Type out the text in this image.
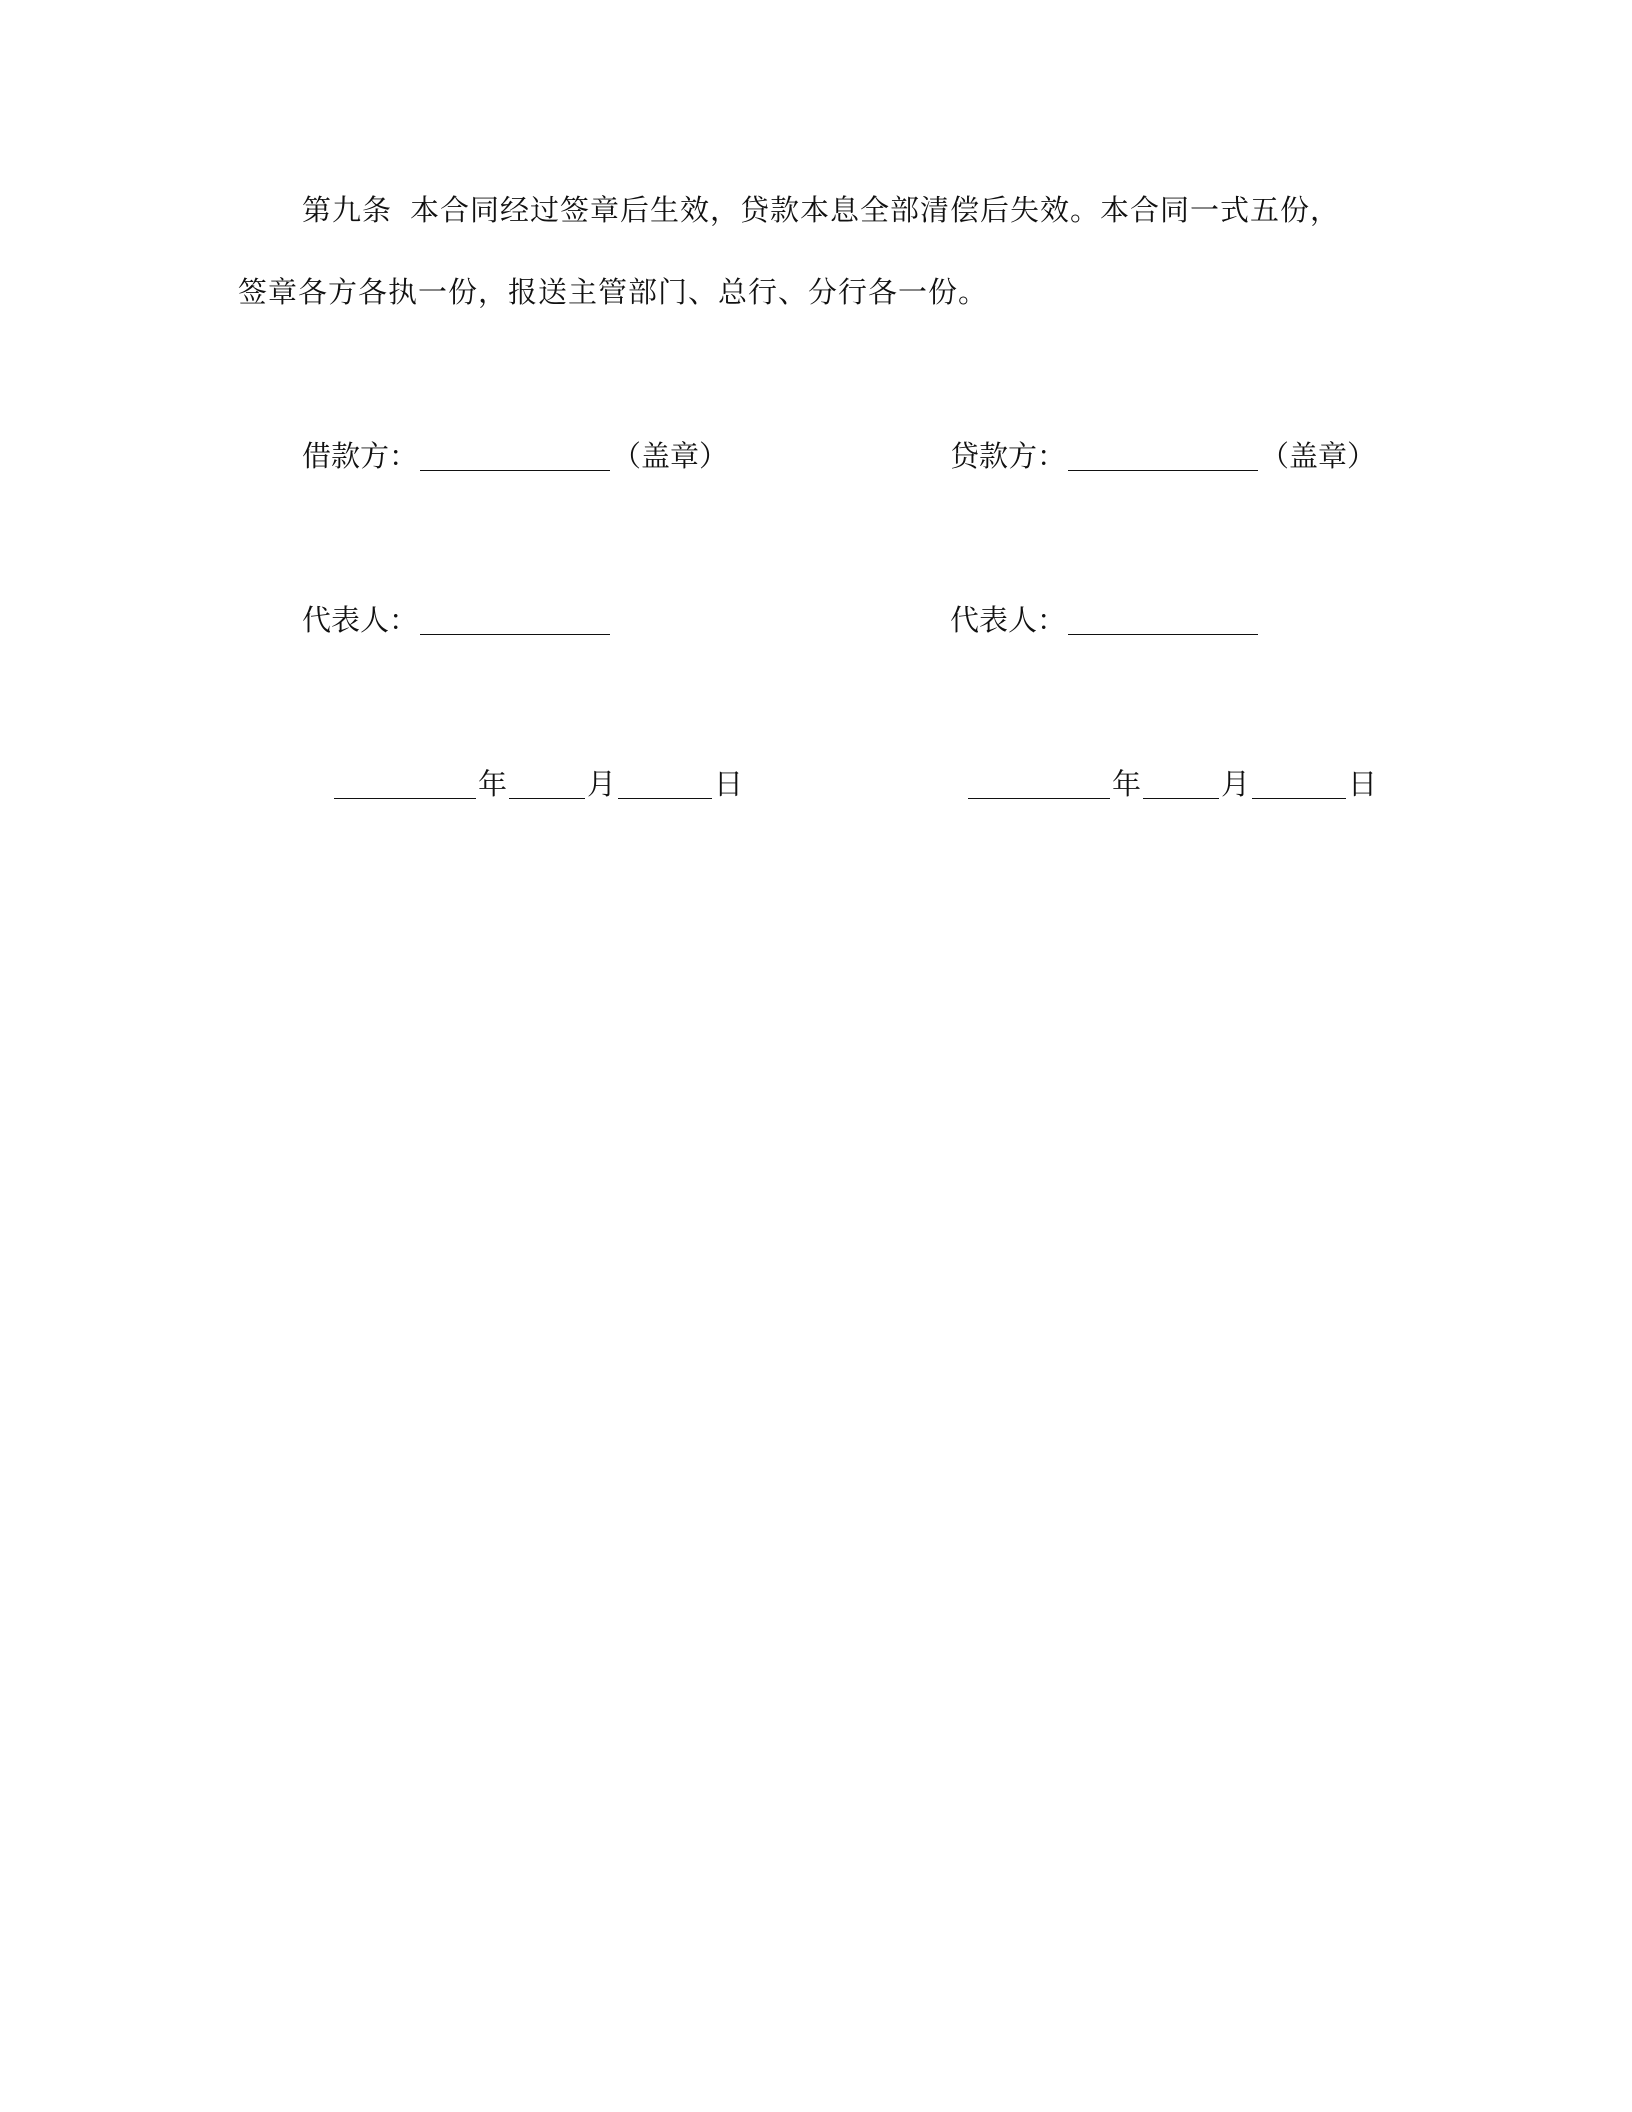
第九条 本合同经过签章后生效，贷款本息全部清偿后失效。本合同一式五份，
签章各方各执一份，报送主管部门、总行、分行各一份。
借款方：	（盖章）	贷款方：	（盖章）
代表人：	代表人：
年	月	日	年	月	日
